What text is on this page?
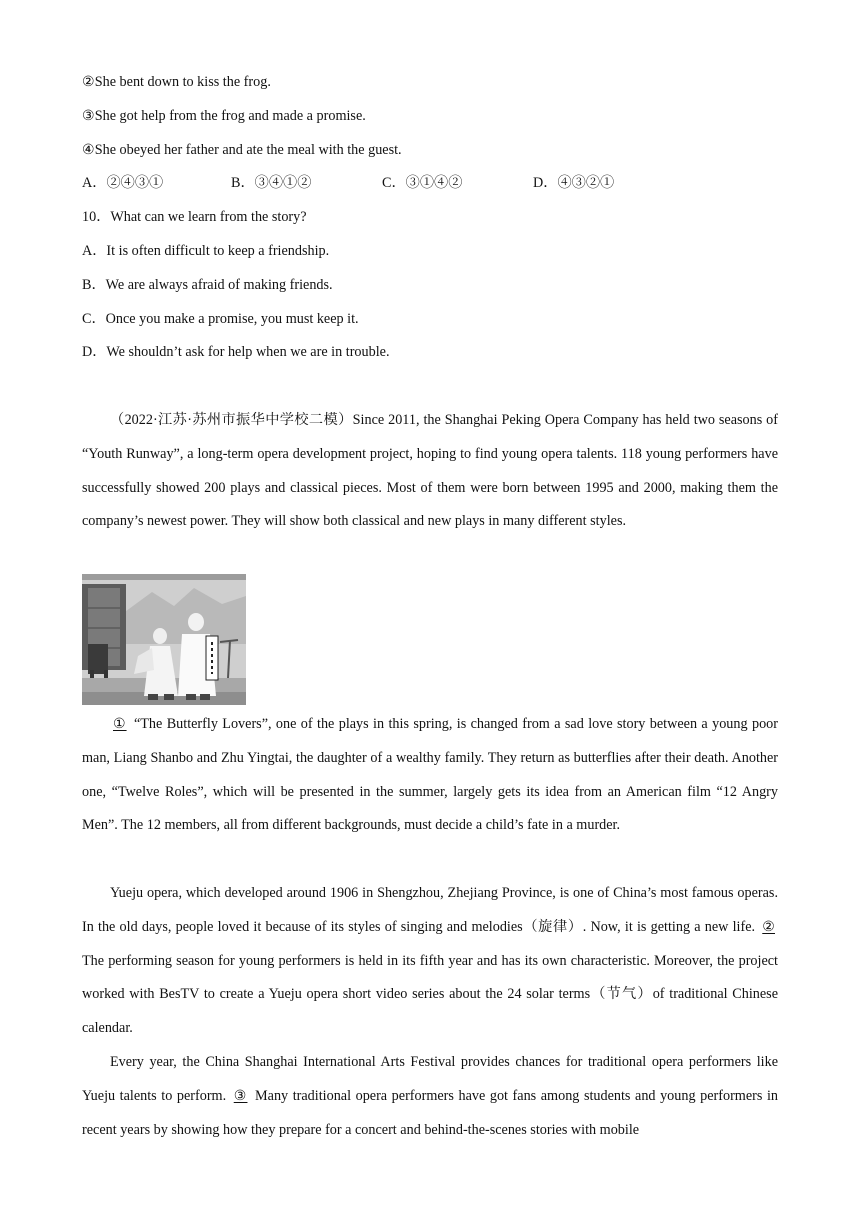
②She bent down to kiss the frog.
③She got help from the frog and made a promise.
④She obeyed her father and ate the meal with the guest.
A．②④③①	B．③④①②	C．③①④②	D．④③②①
10．What can we learn from the story?
A．It is often difficult to keep a friendship.
B．We are always afraid of making friends.
C．Once you make a promise, you must keep it.
D．We shouldn’t ask for help when we are in trouble.

（2022·江苏·苏州市振华中学校二模）Since 2011, the Shanghai Peking Opera Company has held two seasons of “Youth Runway”, a long-term opera development project, hoping to find young opera talents. 118 young performers have successfully showed 200 plays and classical pieces. Most of them were born between 1995 and 2000, making them the company’s newest power. They will show both classical and new plays in many different styles.

① “The Butterfly Lovers”, one of the plays in this spring, is changed from a sad love story between a young poor man, Liang Shanbo and Zhu Yingtai, the daughter of a wealthy family. They return as butterflies after their death. Another one, “Twelve Roles”, which will be presented in the summer, largely gets its idea from an American film “12 Angry Men”. The 12 members, all from different backgrounds, must decide a child’s fate in a murder.

Yueju opera, which developed around 1906 in Shengzhou, Zhejiang Province, is one of China’s most famous operas. In the old days, people loved it because of its styles of singing and melodies（旋律）. Now, it is getting a new life. ② The performing season for young performers is held in its fifth year and has its own characteristic. Moreover, the project worked with BesTV to create a Yueju opera short video series about the 24 solar terms（节气）of traditional Chinese calendar.

Every year, the China Shanghai International Arts Festival provides chances for traditional opera performers like Yueju talents to perform. ③ Many traditional opera performers have got fans among students and young performers in recent years by showing how they prepare for a concert and behind-the-scenes stories with mobile
